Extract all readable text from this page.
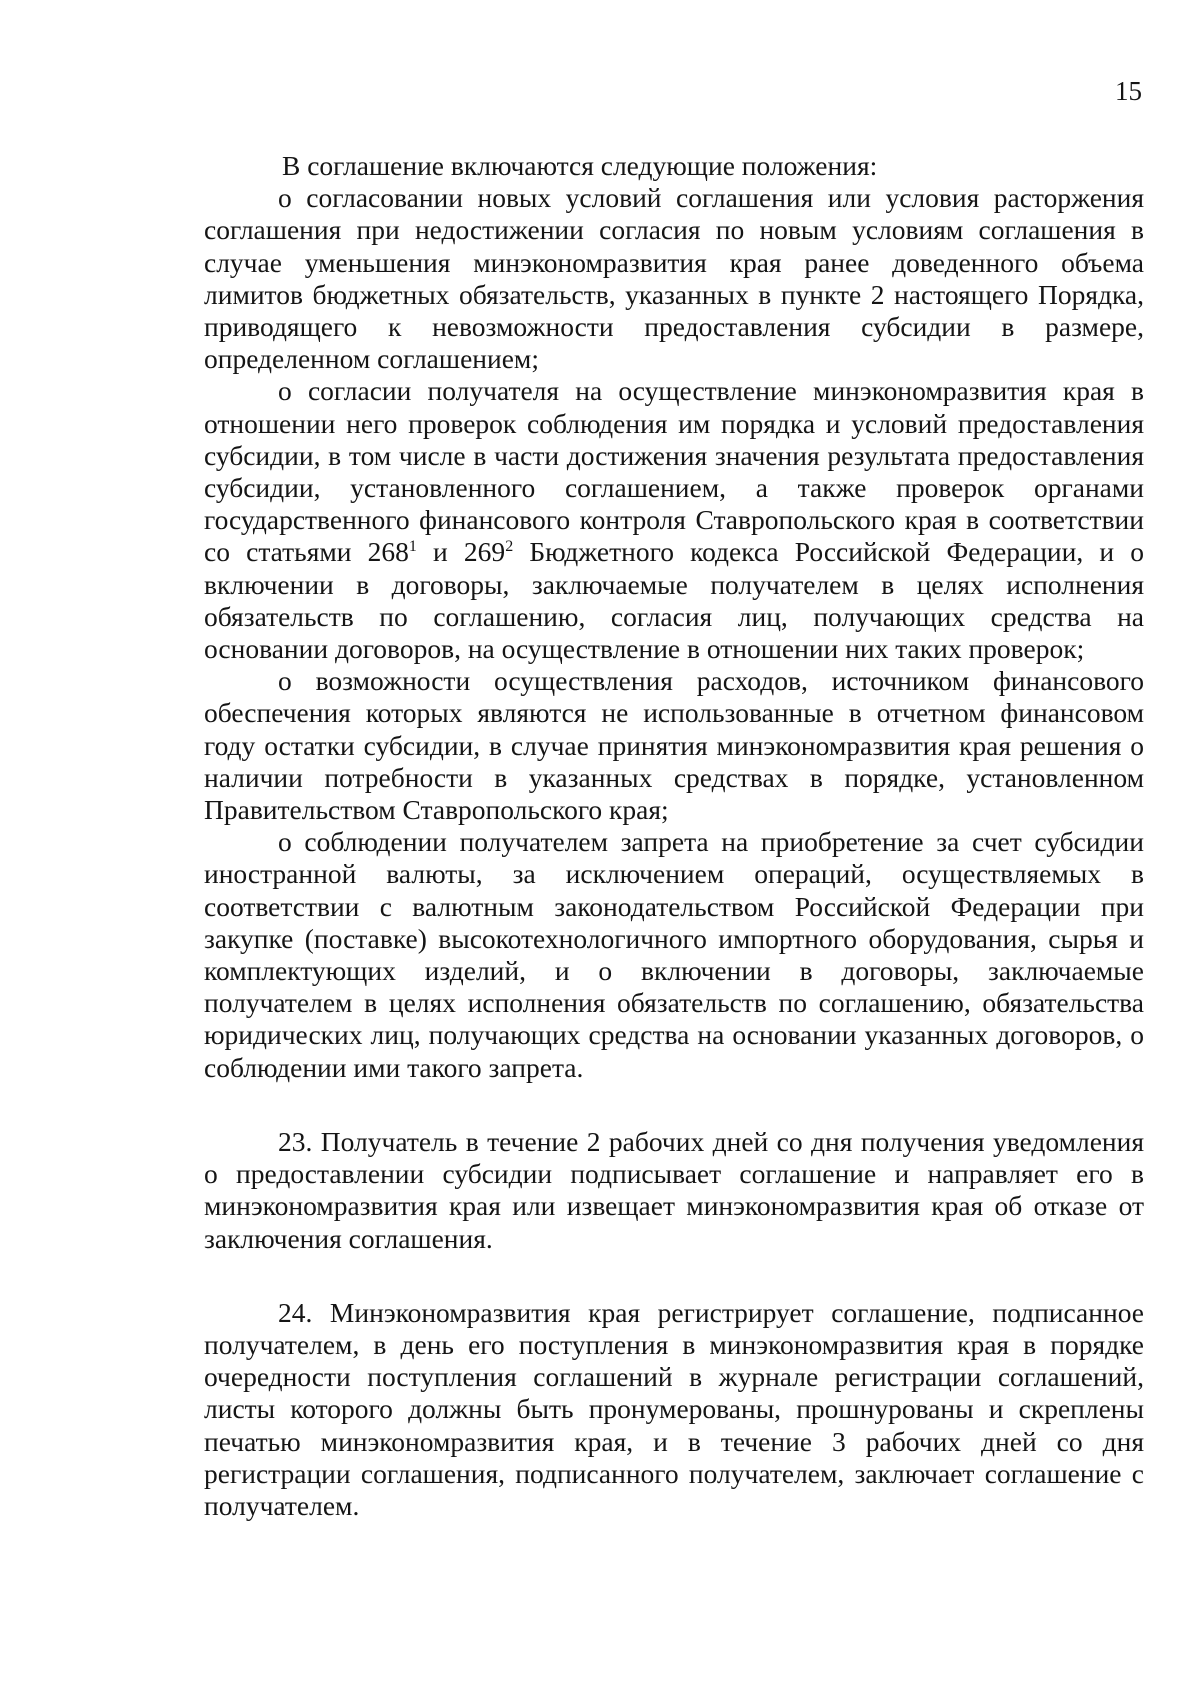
15

В соглашение включаются следующие положения:

о согласовании новых условий соглашения или условия расторжения соглашения при недостижении согласия по новым условиям соглашения в случае уменьшения минэкономразвития края ранее доведенного объема лимитов бюджетных обязательств, указанных в пункте 2 настоящего Порядка, приводящего к невозможности предоставления субсидии в размере, определенном соглашением;

о согласии получателя на осуществление минэкономразвития края в отношении него проверок соблюдения им порядка и условий предоставления субсидии, в том числе в части достижения значения результата предоставления субсидии, установленного соглашением, а также проверок органами государственного финансового контроля Ставропольского края в соответствии со статьями $268^1$ и $269^2$ Бюджетного кодекса Российской Федерации, и о включении в договоры, заключаемые получателем в целях исполнения обязательств по соглашению, согласия лиц, получающих средства на основании договоров, на осуществление в отношении них таких проверок;

о возможности осуществления расходов, источником финансового обеспечения которых являются не использованные в отчетном финансовом году остатки субсидии, в случае принятия минэкономразвития края решения о наличии потребности в указанных средствах в порядке, установленном Правительством Ставропольского края;

о соблюдении получателем запрета на приобретение за счет субсидии иностранной валюты, за исключением операций, осуществляемых в соответствии с валютным законодательством Российской Федерации при закупке (поставке) высокотехнологичного импортного оборудования, сырья и комплектующих изделий, и о включении в договоры, заключаемые получателем в целях исполнения обязательств по соглашению, обязательства юридических лиц, получающих средства на основании указанных договоров, о соблюдении ими такого запрета.

23. Получатель в течение 2 рабочих дней со дня получения уведомления о предоставлении субсидии подписывает соглашение и направляет его в минэкономразвития края или извещает минэкономразвития края об отказе от заключения соглашения.

24. Минэкономразвития края регистрирует соглашение, подписанное получателем, в день его поступления в минэкономразвития края в порядке очередности поступления соглашений в журнале регистрации соглашений, листы которого должны быть пронумерованы, прошнурованы и скреплены печатью минэкономразвития края, и в течение 3 рабочих дней со дня регистрации соглашения, подписанного получателем, заключает соглашение с получателем.
